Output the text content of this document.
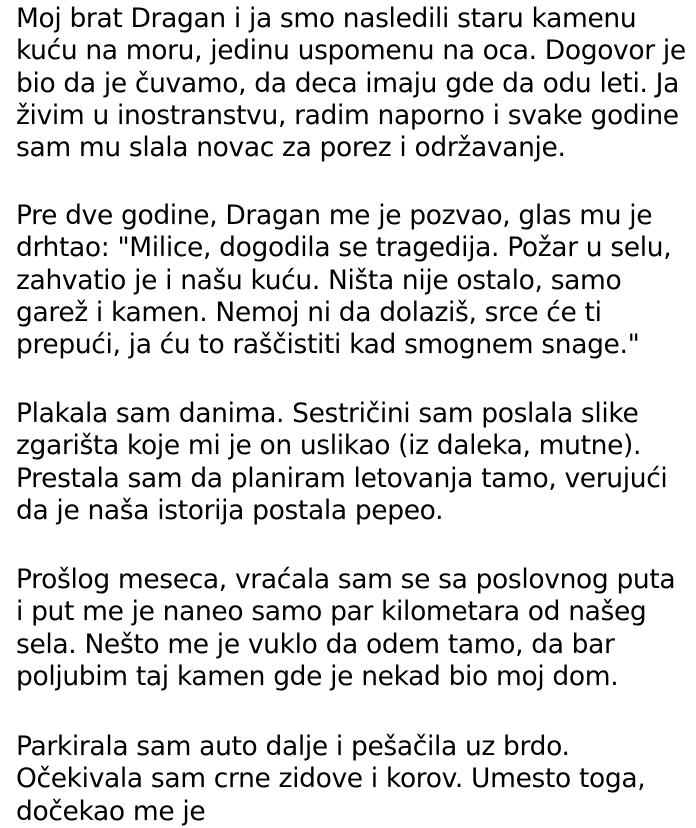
Moj brat Dragan i ja smo nasledili staru kamenu
kuću na moru, jedinu uspomenu na oca. Dogovor je
bio da je čuvamo, da deca imaju gde da odu leti. Ja
živim u inostranstvu, radim naporno i svake godine
sam mu slala novac za porez i održavanje.

Pre dve godine, Dragan me je pozvao, glas mu je
drhtao: "Milice, dogodila se tragedija. Požar u selu,
zahvatio je i našu kuću. Ništa nije ostalo, samo
garež i kamen. Nemoj ni da dolaziš, srce će ti
prepući, ja ću to raščistiti kad smognem snage."

Plakala sam danima. Sestričini sam poslala slike
zgarišta koje mi je on uslikao (iz daleka, mutne).
Prestala sam da planiram letovanja tamo, verujući
da je naša istorija postala pepeo.

Prošlog meseca, vraćala sam se sa poslovnog puta
i put me je naneo samo par kilometara od našeg
sela. Nešto me je vuklo da odem tamo, da bar
poljubim taj kamen gde je nekad bio moj dom.

Parkirala sam auto dalje i pešačila uz brdo.
Očekivala sam crne zidove i korov. Umesto toga,
dočekao me je
